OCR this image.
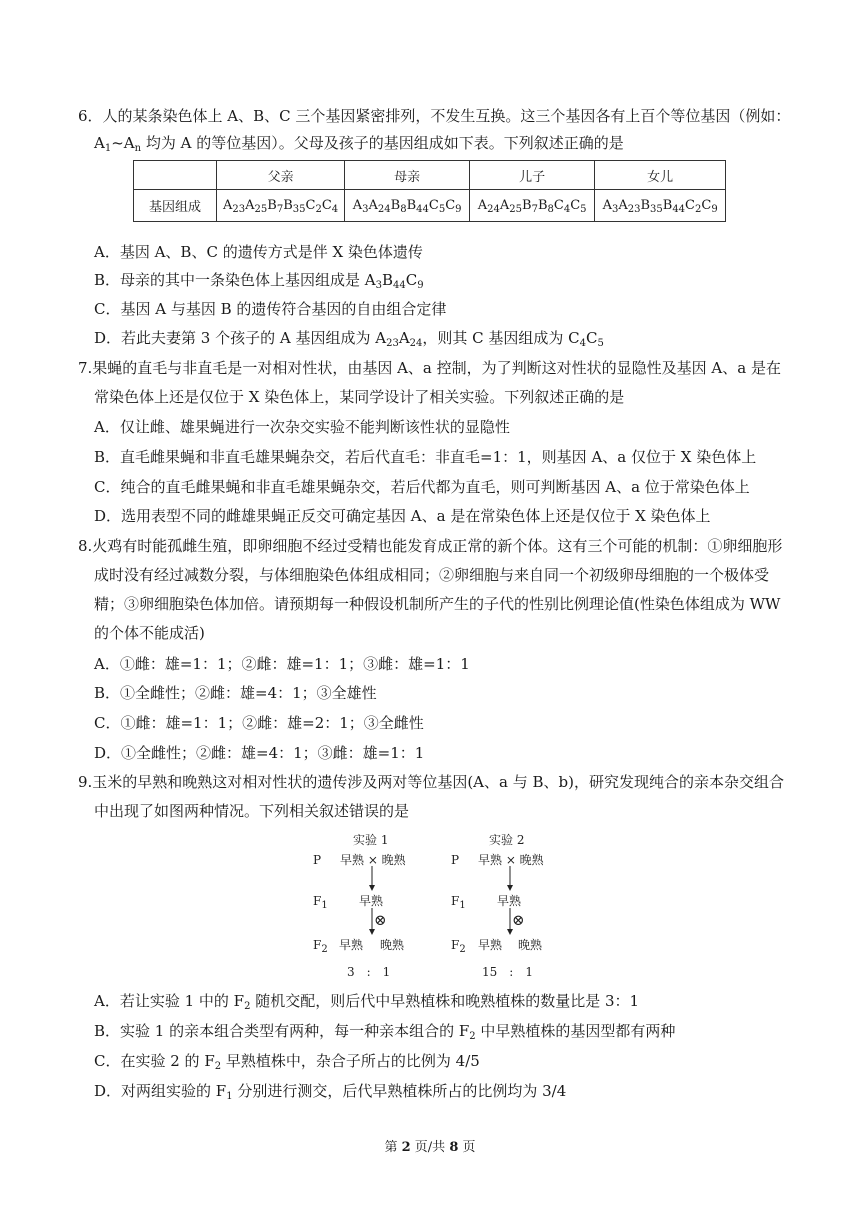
6．人的某条染色体上 A、B、C 三个基因紧密排列，不发生互换。这三个基因各有上百个等位基因（例如：
$A_1\sim A_n$ 均为 A 的等位基因）。父母及孩子的基因组成如下表。下列叙述正确的是
	父亲	母亲	儿子	女儿
基因组成	$A_{23}A_{25}B_7B_{35}C_2C_4$	$A_3A_{24}B_8B_{44}C_5C_9$	$A_{24}A_{25}B_7B_8C_4C_5$	$A_3A_{23}B_{35}B_{44}C_2C_9$
A．基因 A、B、C 的遗传方式是伴 X 染色体遗传
B．母亲的其中一条染色体上基因组成是 $A_3B_{44}C_9$
C．基因 A 与基因 B 的遗传符合基因的自由组合定律
D．若此夫妻第 3 个孩子的 A 基因组成为 $A_{23}A_{24}$，则其 C 基因组成为 $C_4C_5$
7.果蝇的直毛与非直毛是一对相对性状，由基因 A、a 控制，为了判断这对性状的显隐性及基因 A、a 是在
常染色体上还是仅位于 X 染色体上，某同学设计了相关实验。下列叙述正确的是
A．仅让雌、雄果蝇进行一次杂交实验不能判断该性状的显隐性
B．直毛雌果蝇和非直毛雄果蝇杂交，若后代直毛：非直毛=1：1，则基因 A、a 仅位于 X 染色体上
C．纯合的直毛雌果蝇和非直毛雄果蝇杂交，若后代都为直毛，则可判断基因 A、a 位于常染色体上
D．选用表型不同的雌雄果蝇正反交可确定基因 A、a 是在常染色体上还是仅位于 X 染色体上
8.火鸡有时能孤雌生殖，即卵细胞不经过受精也能发育成正常的新个体。这有三个可能的机制：①卵细胞形
成时没有经过减数分裂，与体细胞染色体组成相同；②卵细胞与来自同一个初级卵母细胞的一个极体受
精；③卵细胞染色体加倍。请预期每一种假设机制所产生的子代的性别比例理论值(性染色体组成为 WW
的个体不能成活)
A．①雌：雄=1：1；②雌：雄=1：1；③雌：雄=1：1
B．①全雌性；②雌：雄=4：1；③全雄性
C．①雌：雄=1：1；②雌：雄=2：1；③全雌性
D．①全雌性；②雌：雄=4：1；③雌：雄=1：1
9.玉米的早熟和晚熟这对相对性状的遗传涉及两对等位基因(A、a 与 B、b)，研究发现纯合的亲本杂交组合
中出现了如图两种情况。下列相关叙述错误的是
实验 1
P 早熟 × 晚熟
$F_1$	早熟
⊗
$F_2$ 早熟 晚熟
3　:　1
实验 2
P 早熟 × 晚熟
$F_1$	早熟
⊗
$F_2$ 早熟 晚熟
15　:　1
A．若让实验 1 中的 $F_2$ 随机交配，则后代中早熟植株和晚熟植株的数量比是 3：1
B．实验 1 的亲本组合类型有两种，每一种亲本组合的 $F_2$ 中早熟植株的基因型都有两种
C．在实验 2 的 $F_2$ 早熟植株中，杂合子所占的比例为 4/5
D．对两组实验的 $F_1$ 分别进行测交，后代早熟植株所占的比例均为 3/4
第 2 页/共 8 页
